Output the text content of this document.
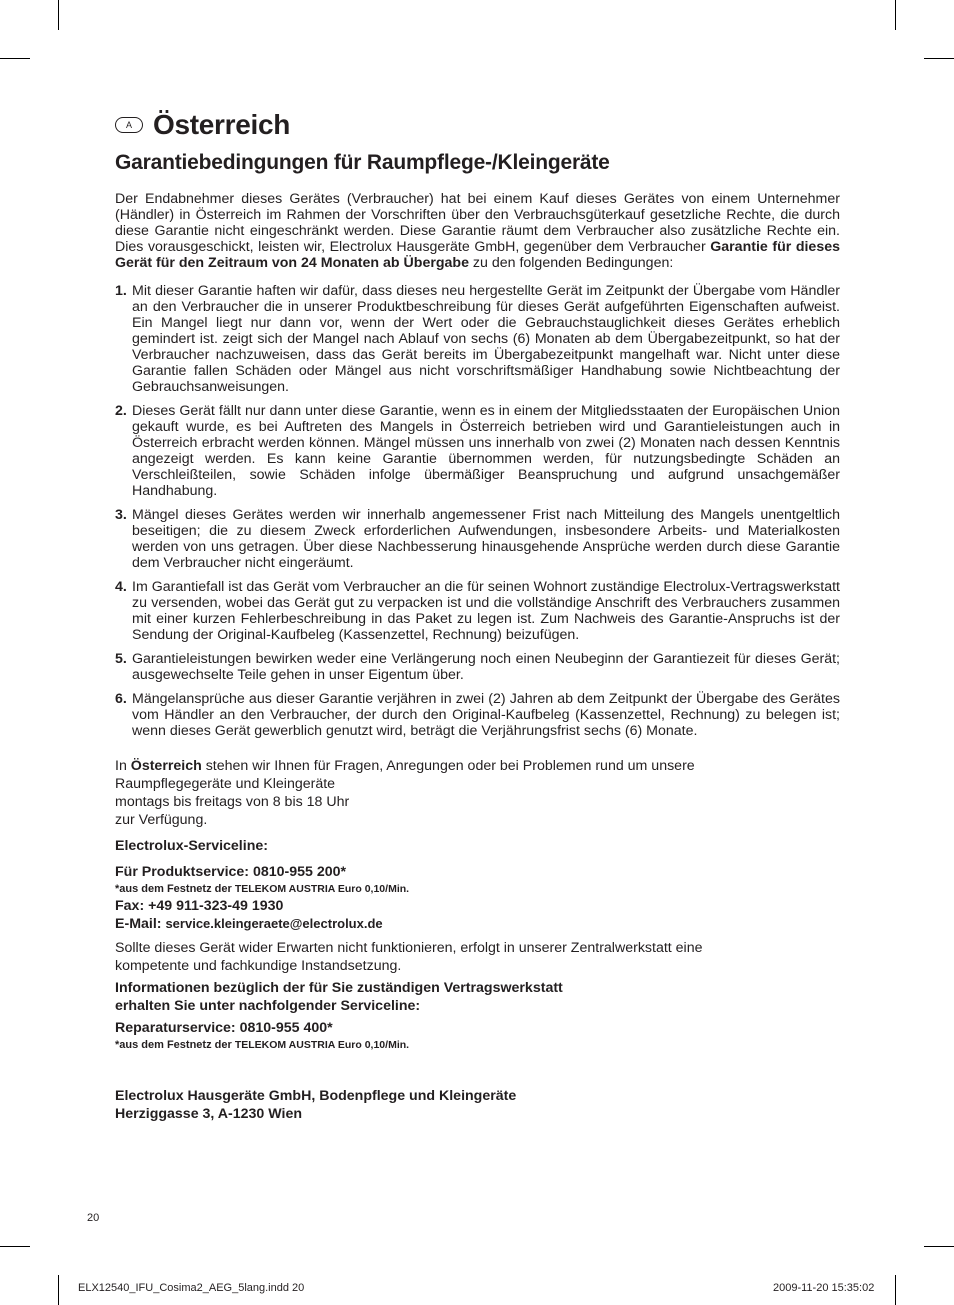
A Österreich
Garantiebedingungen für Raumpflege-/Kleingeräte
Der Endabnehmer dieses Gerätes (Verbraucher) hat bei einem Kauf dieses Gerätes von einem Unternehmer (Händler) in Österreich im Rahmen der Vorschriften über den Verbrauchsgüterkauf gesetzliche Rechte, die durch diese Garantie nicht eingeschränkt werden. Diese Garantie räumt dem Verbraucher also zusätzliche Rechte ein. Dies vorausgeschickt, leisten wir, Electrolux Hausgeräte GmbH, gegenüber dem Verbraucher Garantie für dieses Gerät für den Zeitraum von 24 Monaten ab Übergabe zu den folgenden Bedingungen:
1. Mit dieser Garantie haften wir dafür, dass dieses neu hergestellte Gerät im Zeitpunkt der Übergabe vom Händler an den Verbraucher die in unserer Produktbeschreibung für dieses Gerät aufgeführten Eigenschaften aufweist. Ein Mangel liegt nur dann vor, wenn der Wert oder die Gebrauchstauglichkeit dieses Gerätes erheblich gemindert ist. zeigt sich der Mangel nach Ablauf von sechs (6) Monaten ab dem Übergabezeitpunkt, so hat der Verbraucher nachzuweisen, dass das Gerät bereits im Übergabezeitpunkt mangelhaft war. Nicht unter diese Garantie fallen Schäden oder Mängel aus nicht vorschriftsmäßiger Handhabung sowie Nichtbeachtung der Gebrauchsanweisungen.
2. Dieses Gerät fällt nur dann unter diese Garantie, wenn es in einem der Mitgliedsstaaten der Europäischen Union gekauft wurde, es bei Auftreten des Mangels in Österreich betrieben wird und Garantieleistungen auch in Österreich erbracht werden können. Mängel müssen uns innerhalb von zwei (2) Monaten nach dessen Kenntnis angezeigt werden. Es kann keine Garantie übernommen werden, für nutzungsbedingte Schäden an Verschleißteilen, sowie Schäden infolge übermäßiger Beanspruchung und aufgrund unsachgemäßer Handhabung.
3. Mängel dieses Gerätes werden wir innerhalb angemessener Frist nach Mitteilung des Mangels unentgeltlich beseitigen; die zu diesem Zweck erforderlichen Aufwendungen, insbesondere Arbeits- und Materialkosten werden von uns getragen. Über diese Nachbesserung hinausgehende Ansprüche werden durch diese Garantie dem Verbraucher nicht eingeräumt.
4. Im Garantiefall ist das Gerät vom Verbraucher an die für seinen Wohnort zuständige Electrolux-Vertragswerkstatt zu versenden, wobei das Gerät gut zu verpacken ist und die vollständige Anschrift des Verbrauchers zusammen mit einer kurzen Fehlerbeschreibung in das Paket zu legen ist. Zum Nachweis des Garantie-Anspruchs ist der Sendung der Original-Kaufbeleg (Kassenzettel, Rechnung) beizufügen.
5. Garantieleistungen bewirken weder eine Verlängerung noch einen Neubeginn der Garantiezeit für dieses Gerät; ausgewechselte Teile gehen in unser Eigentum über.
6. Mängelansprüche aus dieser Garantie verjähren in zwei (2) Jahren ab dem Zeitpunkt der Übergabe des Gerätes vom Händler an den Verbraucher, der durch den Original-Kaufbeleg (Kassenzettel, Rechnung) zu belegen ist; wenn dieses Gerät gewerblich genutzt wird, beträgt die Verjährungsfrist sechs (6) Monate.
In Österreich stehen wir Ihnen für Fragen, Anregungen oder bei Problemen rund um unsere
Raumpflegegeräte und Kleingeräte
montags bis freitags von 8 bis 18 Uhr
zur Verfügung.
Electrolux-Serviceline:
Für Produktservice: 0810-955 200*
*aus dem Festnetz der TELEKOM AUSTRIA Euro 0,10/Min.
Fax: +49 911-323-49 1930
E-Mail: service.kleingeraete@electrolux.de
Sollte dieses Gerät wider Erwarten nicht funktionieren, erfolgt in unserer Zentralwerkstatt eine
kompetente und fachkundige Instandsetzung.
Informationen bezüglich der für Sie zuständigen Vertragswerkstatt
erhalten Sie unter nachfolgender Serviceline:
Reparaturservice: 0810-955 400*
*aus dem Festnetz der TELEKOM AUSTRIA Euro 0,10/Min.
Electrolux Hausgeräte GmbH, Bodenpflege und Kleingeräte
Herziggasse 3, A-1230 Wien
20
ELX12540_IFU_Cosima2_AEG_5lang.indd 20	2009-11-20 15:35:02
